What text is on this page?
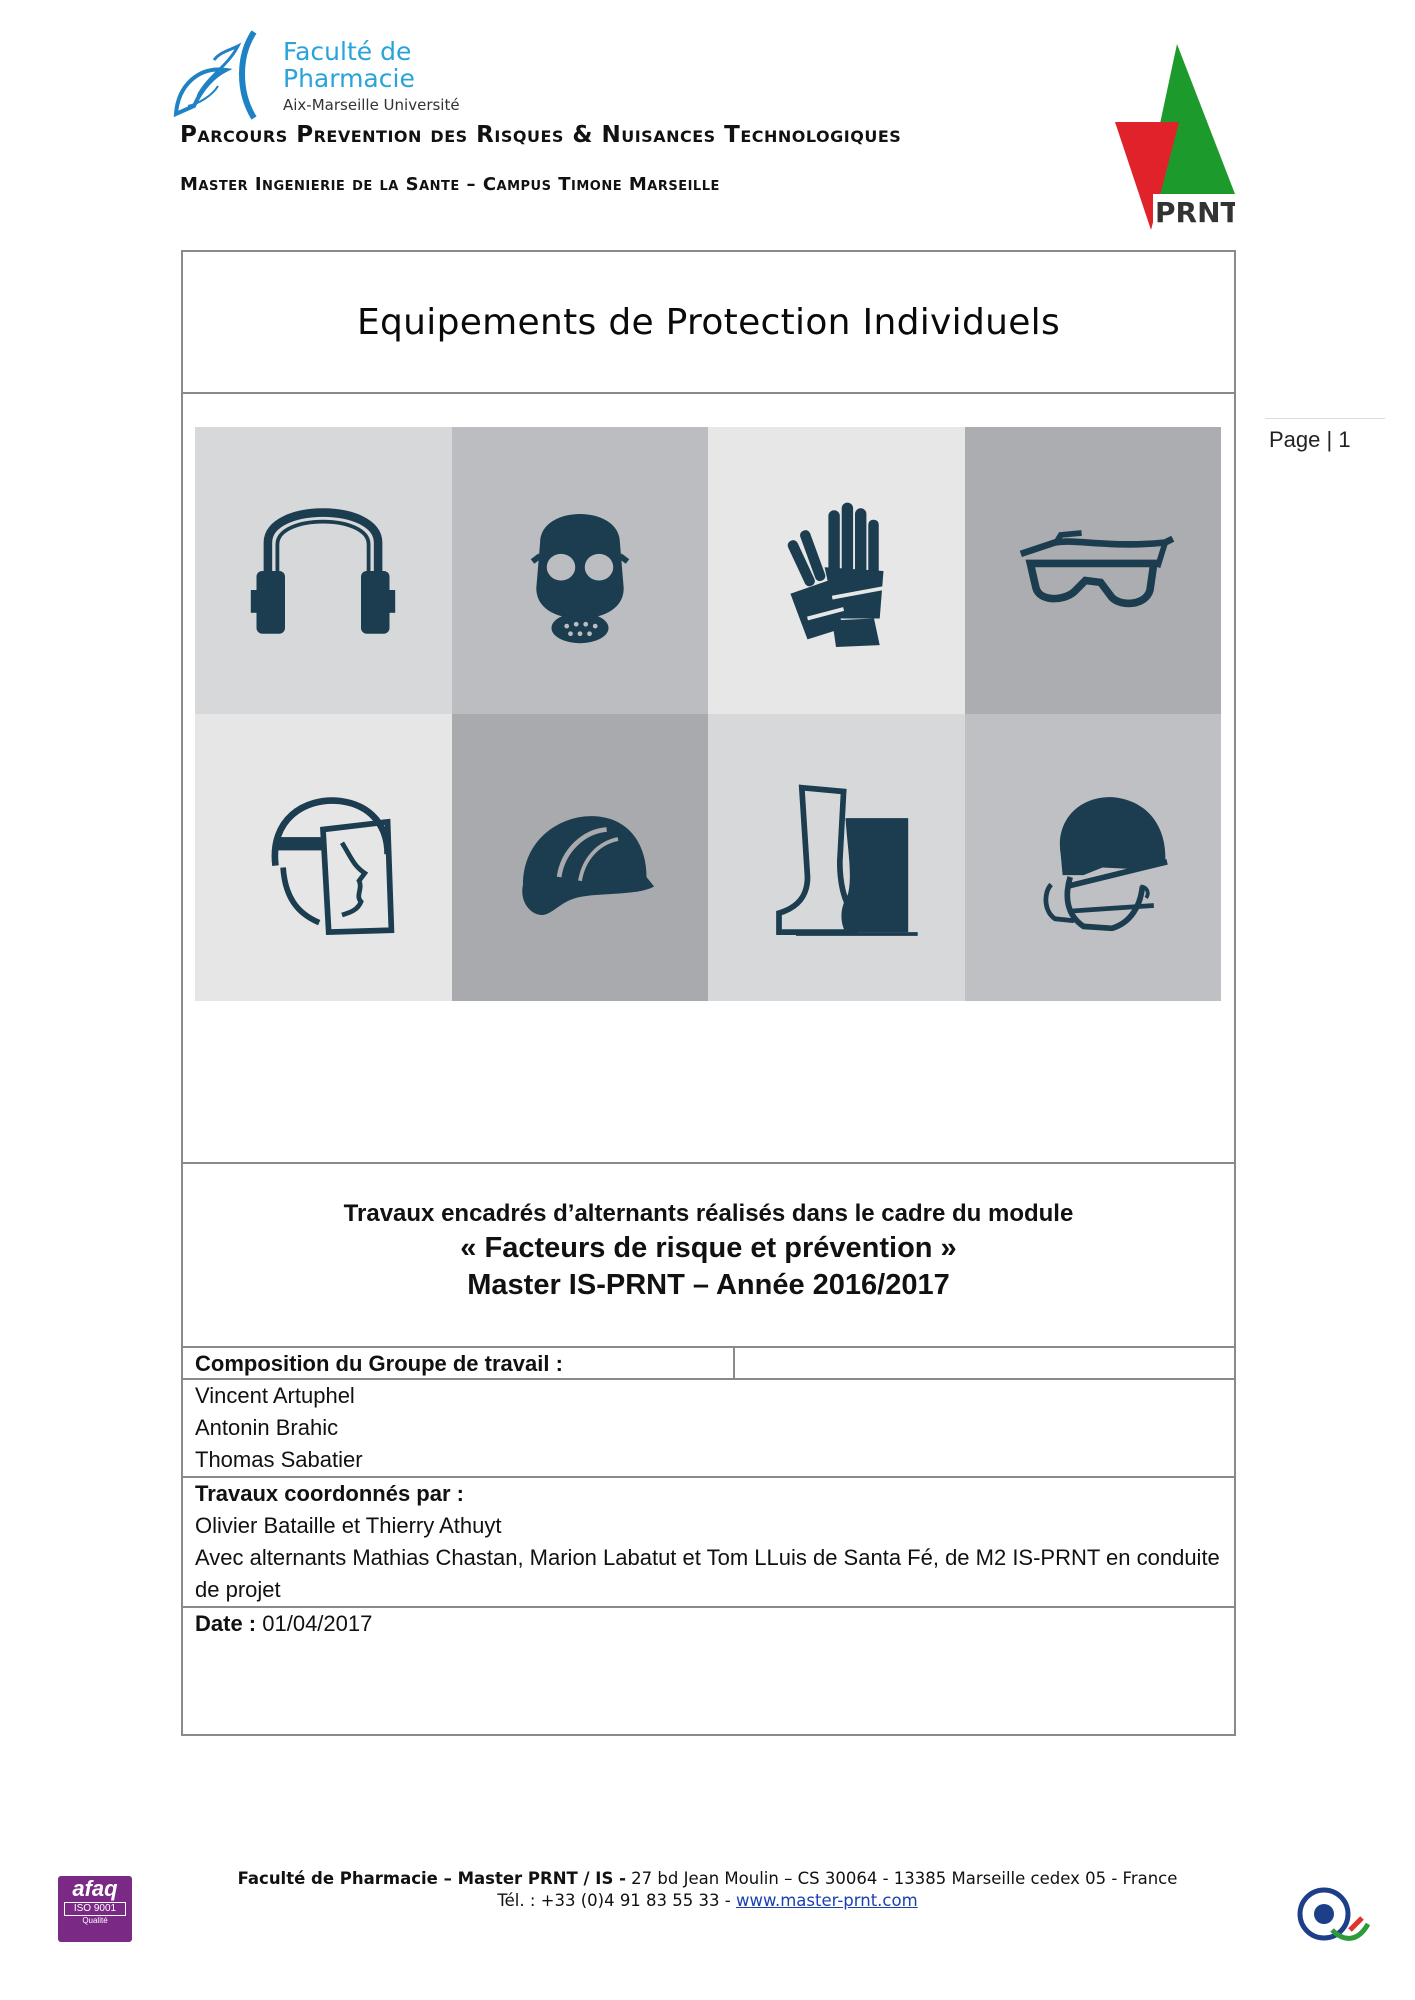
Faculté de Pharmacie
Aix-Marseille Université
Parcours Prevention des Risques & Nuisances Technologiques
Master Ingenierie de la Sante – Campus Timone Marseille
PRNT
Page | 1
Equipements de Protection Individuels
Travaux encadrés d’alternants réalisés dans le cadre du module
« Facteurs de risque et prévention »
Master IS-PRNT – Année 2016/2017
Composition du Groupe de travail :
Vincent Artuphel
Antonin Brahic
Thomas Sabatier
Travaux coordonnés par :
Olivier Bataille et Thierry Athuyt
Avec alternants Mathias Chastan, Marion Labatut et Tom LLuis de Santa Fé, de M2 IS-PRNT en conduite de projet
Date : 01/04/2017
afaq
ISO 9001
Qualité
Faculté de Pharmacie – Master PRNT / IS - 27 bd Jean Moulin – CS 30064 - 13385 Marseille cedex 05 - France
Tél. : +33 (0)4 91 83 55 33 - www.master-prnt.com
